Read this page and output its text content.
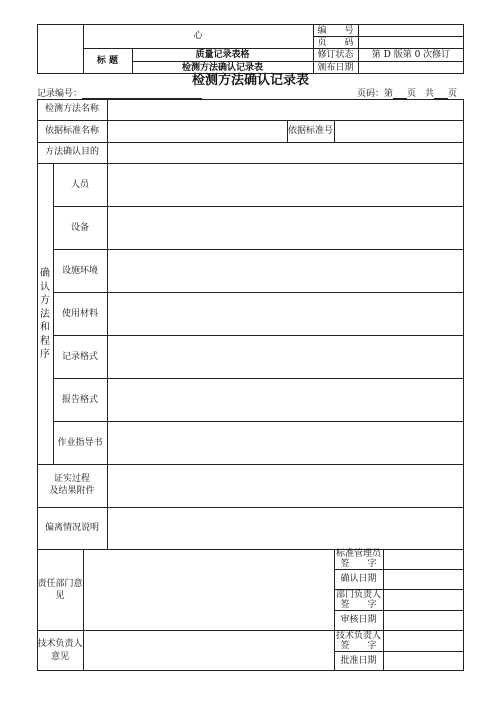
心
标 题
质量记录表格
检测方法确认记录表
编　　号
页　　码
修订状态
颁布日期
第 D 版第 0 次修订
检测方法确认记录表
记录编号：	页码：第 页　共 页
检测方法名称
依据标准名称	依据标准号
方法确认目的
确认方法和程序
人员
设备
设施环境
使用材料
记录格式
报告格式
作业指导书
证实过程
及结果附件
偏离情况说明
责任部门意
见
技术负责人
意见
标准管理员
签　　字
确认日期
部门负责人
签　　字
审核日期
技术负责人
签　　字
批准日期
